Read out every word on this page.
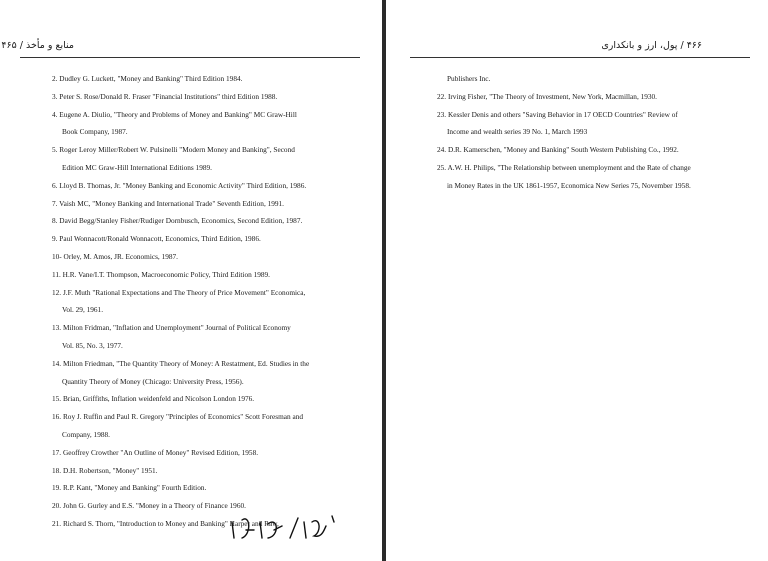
منابع و مأخذ / ۴۶۵
2. Dudley G. Luckett, "Money and Banking" Third Edition 1984.
3. Peter S. Rose/Donald R. Fraser "Financial Institutions" third Edition 1988.
4. Eugene A. Diulio, "Theory and Problems of Money and Banking" MC Graw-Hill
Book Company, 1987.
5. Roger Leroy Miller/Robert W. Pulsinelli "Modern Money and Banking", Second
Edition MC Graw-Hill International Editions 1989.
6. Lloyd B. Thomas, Jr. "Money Banking and Economic Activity" Third Edition, 1986.
7. Vaish MC, "Money Banking and International Trade" Seventh Edition, 1991.
8. David Begg/Stanley Fisher/Rudiger Dornbusch, Economics, Second Edition, 1987.
9. Paul Wonnacott/Ronald Wonnacott, Economics, Third Edition, 1986.
10- Orley, M. Amos, JR. Economics, 1987.
11. H.R. Vane/I.T. Thompson, Macroeconomic Policy, Third Edition 1989.
12. J.F. Muth "Rational Expectations and The Theory of Price Movement" Economica,
Vol. 29, 1961.
13. Milton Fridman, "Inflation and Unemployment" Journal of Political Economy
Vol. 85, No. 3, 1977.
14. Milton Friedman, "The Quantity Theory of Money: A Restatment, Ed. Studies in the
Quantity Theory of Money (Chicago: University Press, 1956).
15. Brian, Griffiths, Inflation weidenfeld and Nicolson London 1976.
16. Roy J. Ruffin and Paul R. Gregory "Principles of Economics" Scott Foresman and
Company, 1988.
17. Geoffrey Crowther "An Outline of Money" Revised Edition, 1958.
18. D.H. Robertson, "Money" 1951.
19. R.P. Kant, "Money and Banking" Fourth Edition.
20. John G. Gurley and E.S. "Money in a Theory of Finance 1960.
21. Richard S. Thorn, "Introduction to Money and Banking" Harper and Raw,
۴۶۶ / پول، ارز و بانکداری
Publishers Inc.
22. Irving Fisher, "The Theory of Investment, New York, Macmillan, 1930.
23. Kessler Denis and others "Saving Behavior in 17 OECD Countries" Review of
Income and wealth series 39 No. 1, March 1993
24. D.R. Kamerschen, "Money and Banking" South Western Publishing Co., 1992.
25. A.W. H. Philips, "The Relationship between unemployment and the Rate of change
in Money Rates in the UK 1861-1957, Economica New Series 75, November 1958.
